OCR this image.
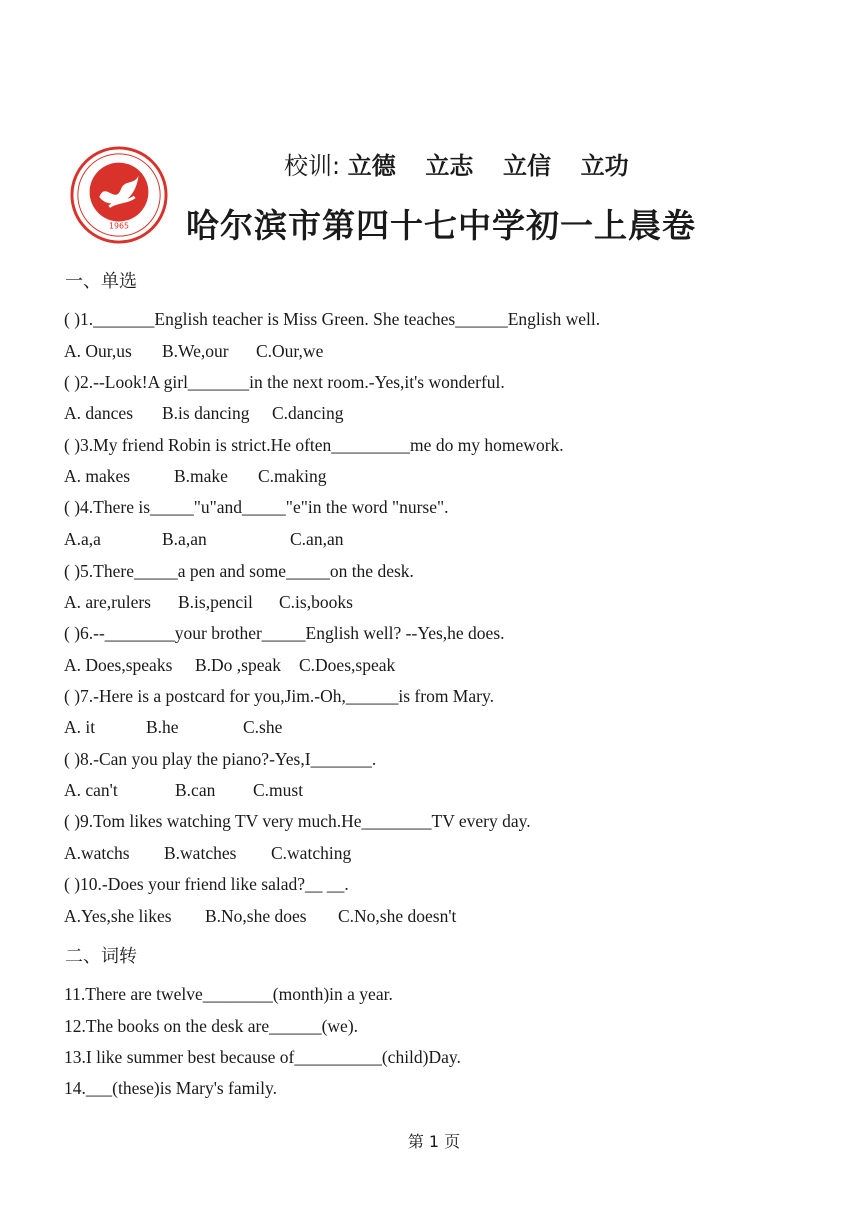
1965
校训: 立德 立志 立信 立功
哈尔滨市第四十七中学初一上晨卷
一、单选
( )1._______English teacher is Miss Green. She teaches______English well.
A. Our,us B.We,our C.Our,we
( )2.--Look!A girl_______in the next room.-Yes,it's wonderful.
A. dances B.is dancing C.dancing
( )3.My friend Robin is strict.He often_________me do my homework.
A. makes	B.make C.making
( )4.There is_____"u"and_____"e"in the word "nurse".
A.a,a	B.a,an	C.an,an
( )5.There_____a pen and some_____on the desk.
A. are,rulers B.is,pencil C.is,books
( )6.--________your brother_____English well? --Yes,he does.
A. Does,speaks B.Do ,speak C.Does,speak
( )7.-Here is a postcard for you,Jim.-Oh,______is from Mary.
A. it	B.he	C.she
( )8.-Can you play the piano?-Yes,I_______.
A. can't	B.can C.must
( )9.Tom likes watching TV very much.He________TV every day.
A.watchs B.watches C.watching
( )10.-Does your friend like salad?__ __.
A.Yes,she likes B.No,she does C.No,she doesn't
二、词转
11.There are twelve________(month)in a year.
12.The books on the desk are______(we).
13.I like summer best because of__________(child)Day.
14.___(these)is Mary's family.
第 1 页
